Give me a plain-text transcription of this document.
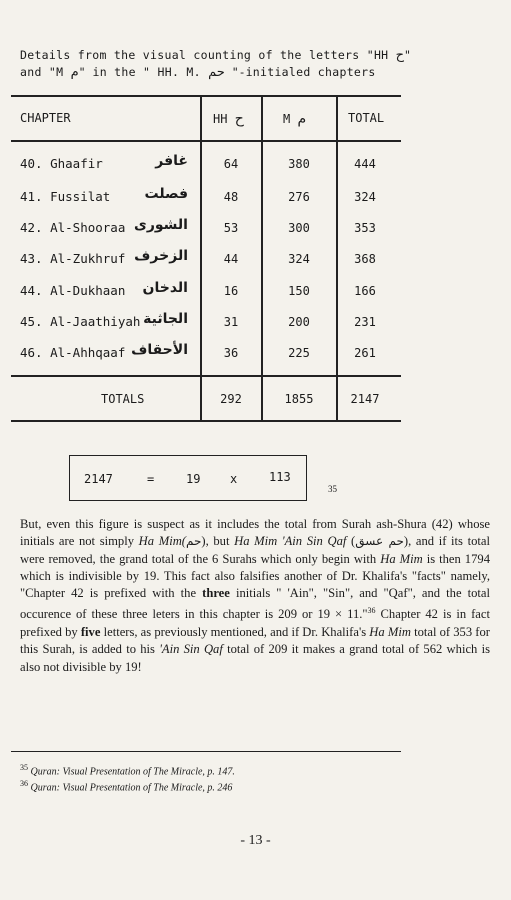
Details from the visual counting of the letters "HH ح"
and "M م" in the " HH. M. حم "-initialed chapters
CHAPTER	HH ح	M م	TOTAL
40. Ghaafir	غافر	64	380	444
41. Fussilat	فصلت	48	276	324
42. Al-Shooraa الشورى	53	300	353
43. Al-Zukhruf الزخرف	44	324	368
44. Al-Dukhaan	الدخان	16	150	166
45. Al-Jaathiyah الجاثية	31	200	231
46. Al-Ahhqaaf الأحقاف	36	225	261
TOTALS	292	1855	2147
2147	=	19 x	113
35
But, even this figure is suspect as it includes the total from Surah ash-Shura (42) whose initials are not simply Ha Mim(حم), but Ha Mim 'Ain Sin Qaf (حم عسق), and if its total were removed, the grand total of the 6 Surahs which only begin with Ha Mim is then 1794 which is indivisible by 19. This fact also falsifies another of Dr. Khalifa's "facts" namely, "Chapter 42 is prefixed with the three initials " 'Ain", "Sin", and "Qaf", and the total occurence of these three leters in this chapter is 209 or 19 × 11."$^{36}$ Chapter 42 is in fact prefixed by five letters, as previously mentioned, and if Dr. Khalifa's Ha Mim total of 353 for this Surah, is added to his 'Ain Sin Qaf total of 209 it makes a grand total of 562 which is also not divisible by 19!
$^{35}$ Quran: Visual Presentation of The Miracle, p. 147.
$^{36}$ Quran: Visual Presentation of The Miracle, p. 246
- 13 -
